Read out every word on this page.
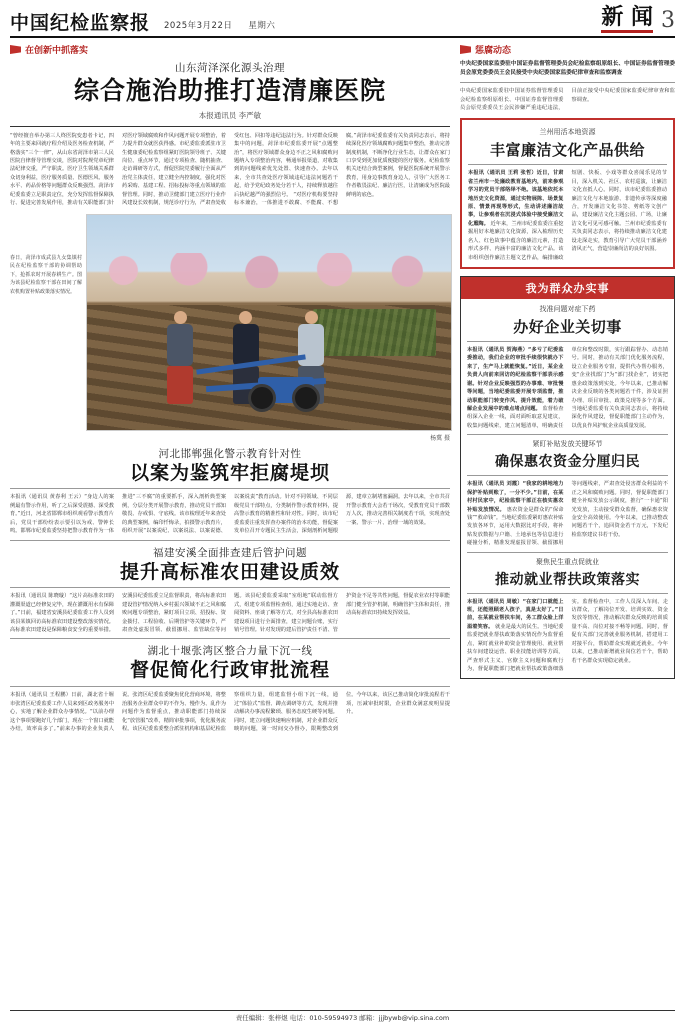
中国纪检监察报 2025年3月22日 星期六	新 闻 3
在创新中抓落实
山东菏泽深化源头治理
综合施治助推打造清廉医院
本报通讯员 李严敏
“曾经擅自举办第三人终医院变患者卡记，四年的主要来回就疗程介绍及医务检查机制，严格落实“三个一律”，从山东省菏泽市第三人民医院自律督导管理交谈，医院对院规党章纪律法纪律交重，严守职责。医疗卫生领域关系群众切身利益，医疗服务质量、医德医风、服务水平、药品价格等问题群众反映强烈。菏泽市纪委监委立足职责定位，充分发挥监督保障执行、促进完善发展作用，推动有关职能部门针对医疗领域腐败和作风问题开展专项整治，着力提升群众就医获得感。市纪委监委派驻市卫生健康委纪检监察组紧盯医院领导班子、关键岗位、重点环节，通过专项检查、随机抽查、走访调研等方式，督促医院党委履行全面从严治党主体责任，建立健全内控制度，强化对医药采购、基建工程、招标投标等重点领域的监督管理。同时，推动卫健部门建立医疗行业作风建设长效机制，规范诊疗行为，严肃查处收受红包、回扣等违纪违法行为。针对群众反映集中的问题，菏泽市纪委监委开展“点题整治”，将医疗领域群众身边不正之风和腐败问题纳入专项整治内容，畅通举报渠道，对收集到的问题线索优先处置、快速查办。去年以来，全市共查处医疗领域违纪违法问题若干起，给予党纪政务处分若干人，持续释放越往后执纪越严的强烈信号。 “对医疗机构要坚持标本兼治，一体推进不敢腐、不能腐、不想腐。”菏泽市纪委监委有关负责同志表示，将持续深化医疗领域腐败问题集中整治，推动完善制度机制，不断净化行业生态，让群众在家门口享受到更加优质便捷的医疗服务。纪检监察机关还结合典型案例，督促医院系统开展警示教育，用身边事教育身边人，引导广大医务工作者敬畏法纪、廉洁行医，让清廉成为医院最鲜明的底色。
春日，菏泽市成武县九女集镇村民在纪检监察干部的协调帮助下，抢抓农时开展春耕生产。图为该县纪检监察干部在田间了解农机购置补贴政策落实情况。
杨冀 摄
河北邯郸强化警示教育针对性
以案为鉴筑牢拒腐堤坝
本报讯（通讯员 黄春利 王云）“身边人的案例最有警示作用，听了之后深受震撼、深受教育。”近日，河北省邯郸市组织观看警示教育片后，党员干部纷纷表示要引以为戒、警钟长鸣。邯郸市纪委监委坚持把警示教育作为一体推进“三不腐”的重要抓手，深入剖析典型案例，分层分类开展警示教育，推动党员干部知敬畏、存戒惧、守底线。该市梳理近年来查处的典型案例，编印忏悔录，拍摄警示教育片，组织开展“以案说纪、以案说法、以案说德、以案说责”教育活动。针对不同领域、不同层级党员干部特点，分类制作警示教育材料，提高警示教育的精准性和针对性。同时，该市纪委监委注重发挥查办案件的治本功能，督促案发单位召开专题民主生活会，深刻剖析问题根源，建章立制堵塞漏洞。去年以来，全市共召开警示教育大会若干场次，受教育党员干部数万人次，推动完善相关制度若干项，实现查处一案、警示一片、治理一域的效果。
福建安溪全面排查建后管护问题
提升高标准农田建设质效
本报讯（通讯员 陈晓璇）“这片高标准农田的灌溉渠道已经修复完毕，现在灌溉用水有保障了。”日前，福建省安溪县纪委监委工作人员到该县某镇回访高标准农田建设整改落实情况。高标准农田建设是保障粮食安全的重要举措。安溪县纪委监委立足监督职责，将高标准农田建设管护情况纳入乡村振兴领域不正之风和腐败问题专项整治，紧盯项目立项、招投标、资金拨付、工程验收、后期管护等关键环节，严肃查处虚报冒领、截留挪用、监管缺位等问题。该县纪委监委采取“室组地”联动监督方式，组建专项监督检查组，通过实地走访、查阅资料、座谈了解等方式，对全县高标准农田建设项目进行全面排查，建立问题台账，实行销号管理。针对发现的建后管护责任不清、管护资金不足等共性问题，督促农业农村等职能部门健全管护机制，明确管护主体和责任，推动高标准农田持续发挥效益。
湖北十堰张湾区整合力量下沉一线
督促简化行政审批流程
本报讯（通讯员 王程鹏）日前，湖北省十堰市张湾区纪委监委工作人员来到区政务服务中心，实地了解企业群众办事情况。“以前办理这个事项要跑好几个部门，现在一个窗口就能办结，效率高多了。”前来办事的企业负责人说。张湾区纪委监委聚焦优化营商环境，将整治服务企业群众中的不作为、慢作为、乱作为问题作为监督重点，推动职能部门持续深化“放管服”改革，精简审批事项，优化服务流程。该区纪委监委整合派驻机构和基层纪检监察组织力量，组建监督小组下沉一线，通过“体验式”监督、蹲点调研等方式，发现并推动解决办事流程繁琐、服务态度生硬等问题。同时，建立问题快速响应机制，对企业群众反映的问题，第一时间交办督办，限期整改到位。今年以来，该区已推动简化审批流程若干项，压减审批时限，企业群众满意度明显提升。
惩腐动态
中央纪委国家监委驻中国证券监督管理委员会纪检监察组原组长、中国证券监督管理委员会原党委委员王会民接受中央纪委国家监委纪律审查和监察调查
中央纪委国家监委驻中国证券监督管理委员会纪检监察组原组长、中国证券监督管理委员会原党委委员王会民涉嫌严重违纪违法，目前正接受中央纪委国家监委纪律审查和监察调查。
兰州用活本地资源
丰富廉洁文化产品供给
本报讯（通讯员 王莉 张哲）近日，甘肃省兰州市一处廉政教育基地内，前来参观学习的党员干部络绎不绝。该基地依托本地历史文化资源，通过实物展陈、场景复原、情景再现等形式，生动讲述廉洁故事，让参观者在沉浸式体验中接受廉洁文化熏陶。 近年来，兰州市纪委监委注重挖掘用好本地廉洁文化资源，深入梳理历史名人、红色故事中蕴含的廉洁元素，打造形式多样、内涵丰富的廉洁文化产品。该市组织创作廉洁主题文艺作品，编排廉政短剧、快板、小戏等群众喜闻乐见的节目，深入机关、社区、农村巡演，让廉洁文化直抵人心。同时，该市纪委监委推动廉洁文化与本地旅游、非遗传承等深度融合，开发廉洁文化书签、剪纸等文创产品，建设廉洁文化主题公园、广场，让廉洁文化可见可感可触。兰州市纪委监委有关负责同志表示，将持续推动廉洁文化建设走深走实，教育引导广大党员干部涵养清风正气，营造崇廉尚洁的良好氛围。
我为群众办实事
找准问题对症下药
办好企业关切事
本报讯（通讯员 贺海燕）“多亏了纪委监委推动，我们企业的审批手续很快就办下来了，生产马上就能恢复。”近日，某企业负责人向前来回访的纪检监察干部表示感谢。针对企业反映强烈的办事难、审批慢等问题，当地纪委监委开展专项监督，推动职能部门转变作风、提升效能，着力破解企业发展中的难点堵点问题。 监督检查组深入企业一线，面对面听取意见建议，收集问题线索，建立问题清单，明确责任单位和整改时限，实行跟踪督办、动态销号。同时，推动有关部门优化服务流程，设立企业服务专窗，提供代办帮办服务，变“企业找部门”为“部门找企业”，切实把惠企政策落到实处。今年以来，已推动解决企业反映的各类问题若干件，涉及证照办理、项目审批、政策兑现等多个方面。当地纪委监委有关负责同志表示，将持续深化作风建设，督促职能部门主动作为，以优良作风护航企业高质量发展。
紧盯补贴发放关键环节
确保惠农资金分厘归民
本报讯（通讯员 刘霞）“我家的耕地地力保护补贴到账了，一分不少。”日前，在某村村民家中，纪检监察干部正在核实惠农补贴发放情况。 惠农资金是群众的“保命钱”“救命钱”。当地纪委监委紧盯惠农补贴发放各环节，运用大数据比对手段，将补贴发放数据与户籍、土地承包等信息进行碰撞分析，精准发现虚报冒领、截留挪用等问题线索，严肃查处侵害群众利益的不正之风和腐败问题。同时，督促职能部门健全补贴发放公示制度，推行“一卡通”阳光发放，主动接受群众监督，确保惠农资金安全高效使用。今年以来，已推动整改问题若干个，追回资金若干万元，下发纪检监察建议书若干份。
聚焦民生重点促就业
推动就业帮扶政策落实
本报讯（通讯员 周敏）“在家门口就能上班，还能照顾老人孩子，真是太好了。”日前，在某就业帮扶车间，务工群众脸上洋溢着笑容。 就业是最大的民生。当地纪委监委把就业帮扶政策落实情况作为监督重点，紧盯就业补助资金管理使用、就业帮扶车间建设运营、职业技能培训等方面，严查形式主义、官僚主义问题和腐败行为，督促职能部门把就业帮扶政策落细落实。监督检查中，工作人员深入车间、走访群众，了解岗位开发、培训实效、资金发放等情况，推动解决群众反映的培训质量不高、岗位对接不畅等问题。同时，督促有关部门完善就业服务机制，搭建用工对接平台，帮助群众实现就近就业。今年以来，已推动新增就业岗位若干个，帮助若干名群众实现稳定就业。
责任编辑：张梓煜 电话：010-59594973 邮箱：jjjbywb@vip.sina.com
